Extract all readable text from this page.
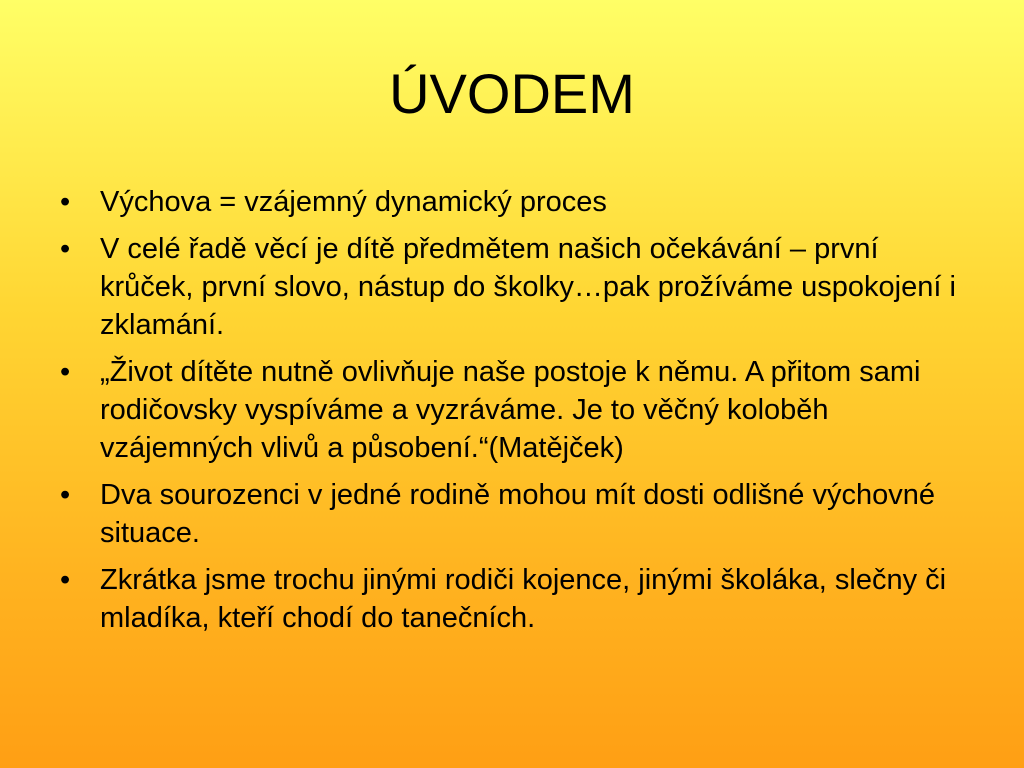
ÚVODEM
•	Výchova = vzájemný dynamický proces
•	V celé řadě věcí je dítě předmětem našich očekávání – první krůček, první slovo, nástup do školky…pak prožíváme uspokojení i zklamání.
•	„Život dítěte nutně ovlivňuje naše postoje k němu. A přitom sami rodičovsky vyspíváme a vyzráváme. Je to věčný koloběh vzájemných vlivů a působení.“(Matějček)
•	Dva sourozenci v jedné rodině mohou mít dosti odlišné výchovné situace.
•	Zkrátka jsme trochu jinými rodiči kojence, jinými školáka, slečny či mladíka, kteří chodí do tanečních.
